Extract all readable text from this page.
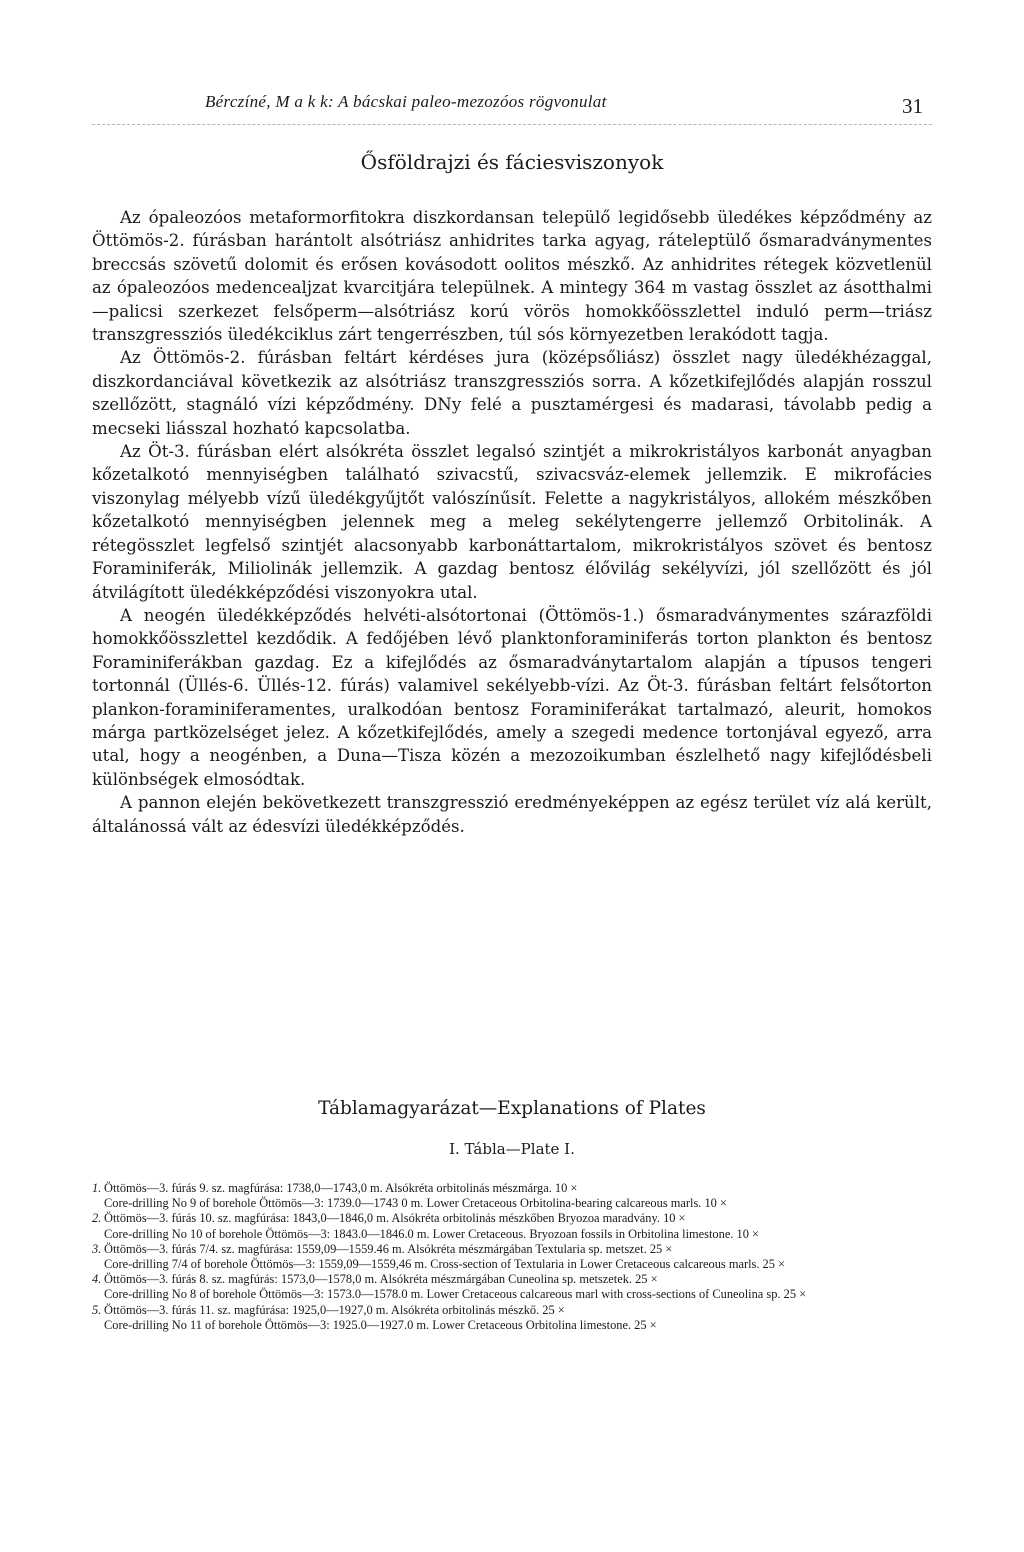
Bérczíné, M a k k: A bácskai paleo-mezozóos rögvonulat	31
Ősföldrajzi és fáciesviszonyok

Az ópaleozóos metaformorfitokra diszkordansan települő legidősebb üledékes képződmény az Öttömös-2. fúrásban harántolt alsótriász anhidrites tarka agyag, ráteleptülő ősmaradványmentes breccsás szövetű dolomit és erősen kovásodott oolitos mészkő. Az anhidrites rétegek közvetlenül az ópaleozóos medencealjzat kvarcitjára települnek. A mintegy 364 m vastag összlet az ásotthalmi—palicsi szerkezet felsőperm—alsótriász korú vörös homokkőösszlettel induló perm—triász transzgressziós üledékciklus zárt tengerrészben, túl sós környezetben lerakódott tagja.

Az Öttömös-2. fúrásban feltárt kérdéses jura (középsőliász) összlet nagy üledékhézaggal, diszkordanciával következik az alsótriász transzgressziós sorra. A kőzetkifejlődés alapján rosszul szellőzött, stagnáló vízi képződmény. DNy felé a pusztamérgesi és madarasi, távolabb pedig a mecseki liásszal hozható kapcsolatba.

Az Öt-3. fúrásban elért alsókréta összlet legalsó szintjét a mikrokristályos karbonát anyagban kőzetalkotó mennyiségben található szivacstű, szivacsváz-elemek jellemzik. E mikrofácies viszonylag mélyebb vízű üledékgyűjtőt valószínűsít. Felette a nagykristályos, allokém mészkőben kőzetalkotó mennyiségben jelennek meg a meleg sekélytengerre jellemző Orbitolinák. A rétegösszlet legfelső szintjét alacsonyabb karbonáttartalom, mikrokristályos szövet és bentosz Foraminiferák, Miliolinák jellemzik. A gazdag bentosz élővilág sekélyvízi, jól szellőzött és jól átvilágított üledékképződési viszonyokra utal.

A neogén üledékképződés helvéti-alsótortonai (Öttömös-1.) ősmaradványmentes szárazföldi homokkőösszlettel kezdődik. A fedőjében lévő planktonforaminiferás torton plankton és bentosz Foraminiferákban gazdag. Ez a kifejlődés az ősmaradványtartalom alapján a típusos tengeri tortonnál (Üllés-6. Üllés-12. fúrás) valamivel sekélyebb-vízi. Az Öt-3. fúrásban feltárt felsőtorton plankon-foraminiferamentes, uralkodóan bentosz Foraminiferákat tartalmazó, aleurit, homokos márga partközelséget jelez. A kőzetkifejlődés, amely a szegedi medence tortonjával egyező, arra utal, hogy a neogénben, a Duna—Tisza közén a mezozoikumban észlelhető nagy kifejlődésbeli különbségek elmosódtak.

A pannon elején bekövetkezett transzgresszió eredményeképpen az egész terület víz alá került, általánossá vált az édesvízi üledékképződés.

Táblamagyarázat—Explanations of Plates
I. Tábla—Plate I.
1. Öttömös—3. fúrás 9. sz. magfúrása: 1738,0—1743,0 m. Alsókréta orbitolinás mészmárga. 10 ×
Core-drilling No 9 of borehole Öttömös—3: 1739.0—1743 0 m. Lower Cretaceous Orbitolina-bearing calcareous marls. 10 ×
2. Öttömös—3. fúrás 10. sz. magfúrása: 1843,0—1846,0 m. Alsókréta orbitolinás mészkőben Bryozoa maradvány. 10 ×
Core-drilling No 10 of borehole Öttömös—3: 1843.0—1846.0 m. Lower Cretaceous. Bryozoan fossils in Orbitolina limestone. 10 ×
3. Öttömös—3. fúrás 7/4. sz. magfúrása: 1559,09—1559.46 m. Alsókréta mészmárgában Textularia sp. metszet. 25 ×
Core-drilling 7/4 of borehole Öttömös—3: 1559,09—1559,46 m. Cross-section of Textularia in Lower Cretaceous calcareous marls. 25 ×
4. Öttömös—3. fúrás 8. sz. magfúrás: 1573,0—1578,0 m. Alsókréta mészmárgában Cuneolina sp. metszetek. 25 ×
Core-drilling No 8 of borehole Öttömös—3: 1573.0—1578.0 m. Lower Cretaceous calcareous marl with cross-sections of Cuneolina sp. 25 ×
5. Öttömös—3. fúrás 11. sz. magfúrása: 1925,0—1927,0 m. Alsókréta orbitolinás mészkő. 25 ×
Core-drilling No 11 of borehole Öttömös—3: 1925.0—1927.0 m. Lower Cretaceous Orbitolina limestone. 25 ×
